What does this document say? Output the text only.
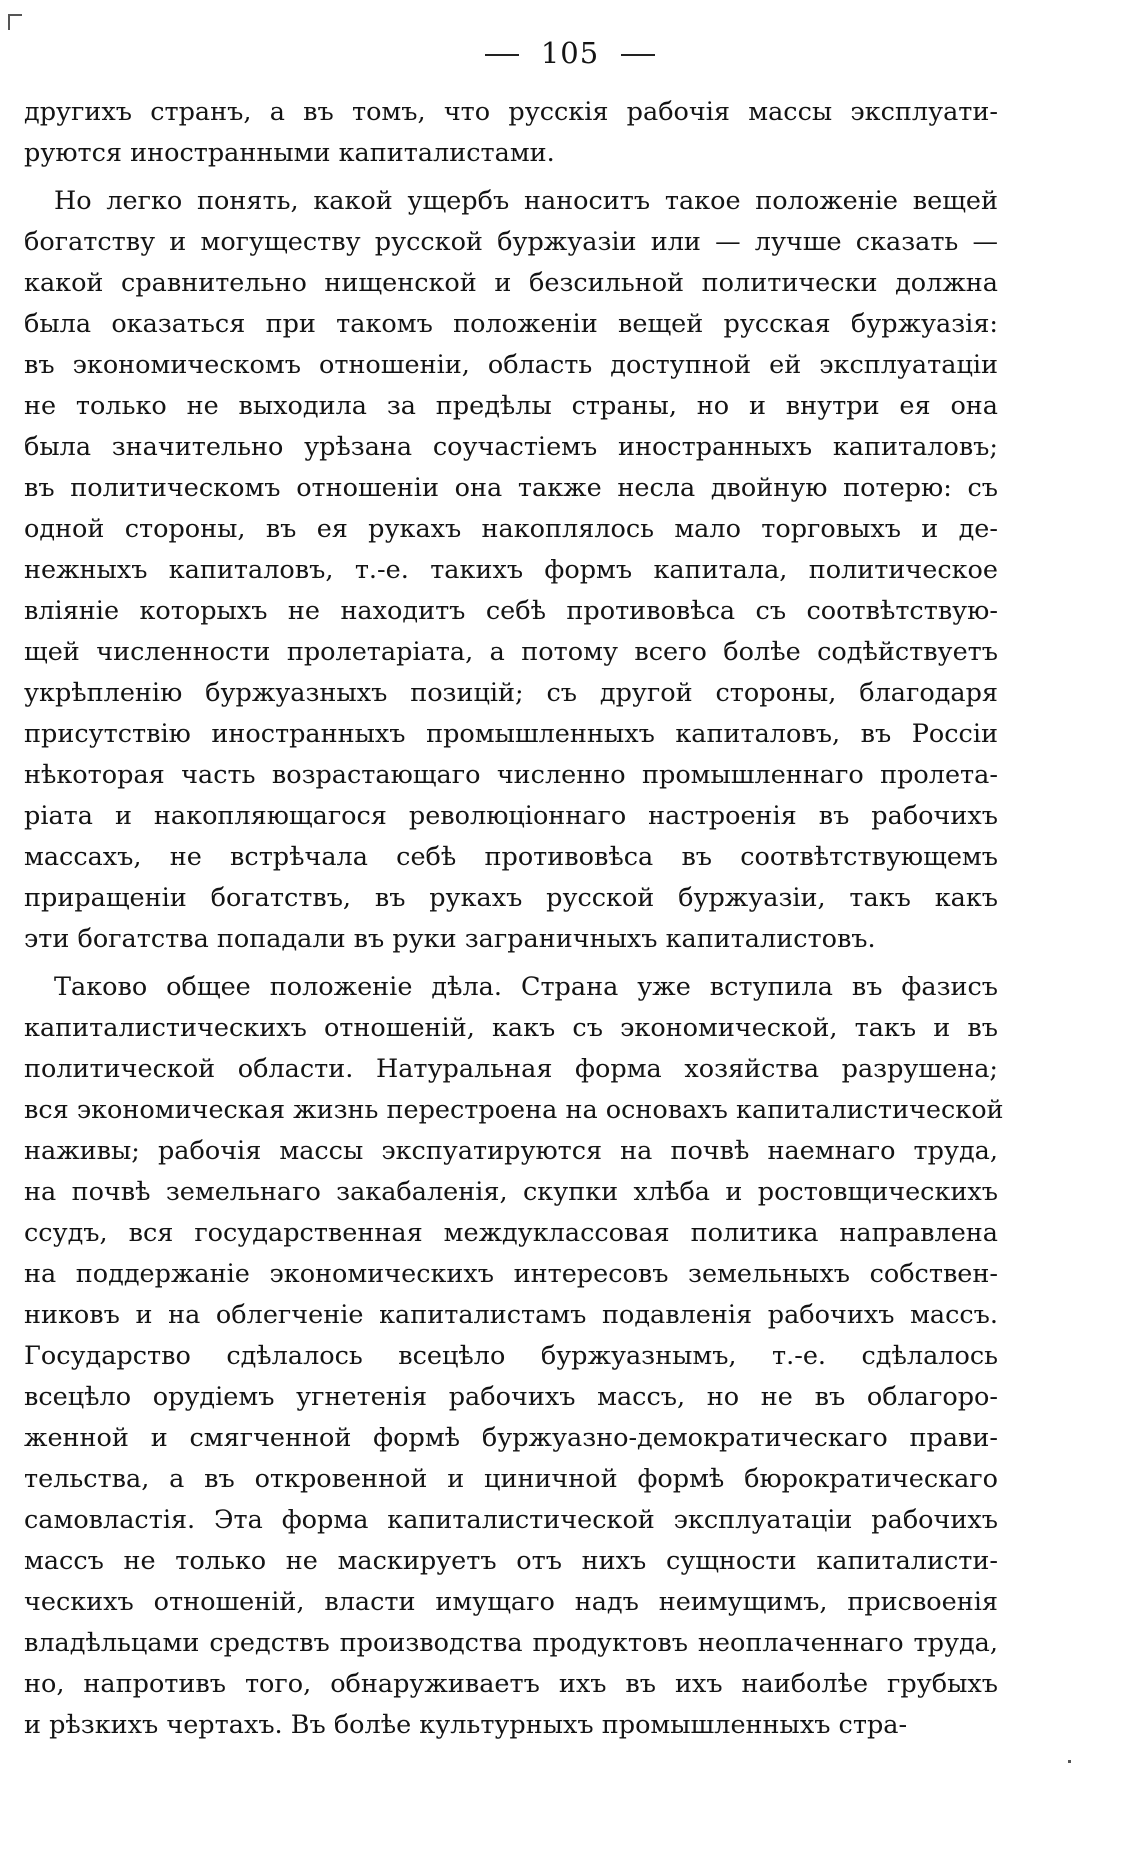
105
другихъ странъ, а въ томъ, что русскія рабочія массы эксплуати-
руются иностранными капиталистами.
Но легко понять, какой ущербъ наноситъ такое положеніе вещей
богатству и могуществу русской буржуазіи или — лучше сказать —
какой сравнительно нищенской и безсильной политически должна
была оказаться при такомъ положеніи вещей русская буржуазія:
въ экономическомъ отношеніи, область доступной ей эксплуатаціи
не только не выходила за предѣлы страны, но и внутри ея она
была значительно урѣзана соучастіемъ иностранныхъ капиталовъ;
въ политическомъ отношеніи она также несла двойную потерю: съ
одной стороны, въ ея рукахъ накоплялось мало торговыхъ и де-
нежныхъ капиталовъ, т.-е. такихъ формъ капитала, политическое
вліяніе которыхъ не находитъ себѣ противовѣса съ соотвѣтствую-
щей численности пролетаріата, а потому всего болѣе содѣйствуетъ
укрѣпленію буржуазныхъ позицій; съ другой стороны, благодаря
присутствію иностранныхъ промышленныхъ капиталовъ, въ Россіи
нѣкоторая часть возрастающаго численно промышленнаго пролета-
ріата и накопляющагося революціоннаго настроенія въ рабочихъ
массахъ, не встрѣчала себѣ противовѣса въ соотвѣтствующемъ
приращеніи богатствъ, въ рукахъ русской буржуазіи, такъ какъ
эти богатства попадали въ руки заграничныхъ капиталистовъ.
Таково общее положеніе дѣла. Страна уже вступила въ фазисъ
капиталистическихъ отношеній, какъ съ экономической, такъ и въ
политической области. Натуральная форма хозяйства разрушена;
вся экономическая жизнь перестроена на основахъ капиталистической
наживы; рабочія массы экспуатируются на почвѣ наемнаго труда,
на почвѣ земельнаго закабаленія, скупки хлѣба и ростовщическихъ
ссудъ, вся государственная междуклассовая политика направлена
на поддержаніе экономическихъ интересовъ земельныхъ собствен-
никовъ и на облегченіе капиталистамъ подавленія рабочихъ массъ.
Государство сдѣлалось всецѣло буржуазнымъ, т.-е. сдѣлалось
всецѣло орудіемъ угнетенія рабочихъ массъ, но не въ облагоро-
женной и смягченной формѣ буржуазно-демократическаго прави-
тельства, а въ откровенной и циничной формѣ бюрократическаго
самовластія. Эта форма капиталистической эксплуатаціи рабочихъ
массъ не только не маскируетъ отъ нихъ сущности капиталисти-
ческихъ отношеній, власти имущаго надъ неимущимъ, присвоенія
владѣльцами средствъ производства продуктовъ неоплаченнаго труда,
но, напротивъ того, обнаруживаетъ ихъ въ ихъ наиболѣе грубыхъ
и рѣзкихъ чертахъ. Въ болѣе культурныхъ промышленныхъ стра-
